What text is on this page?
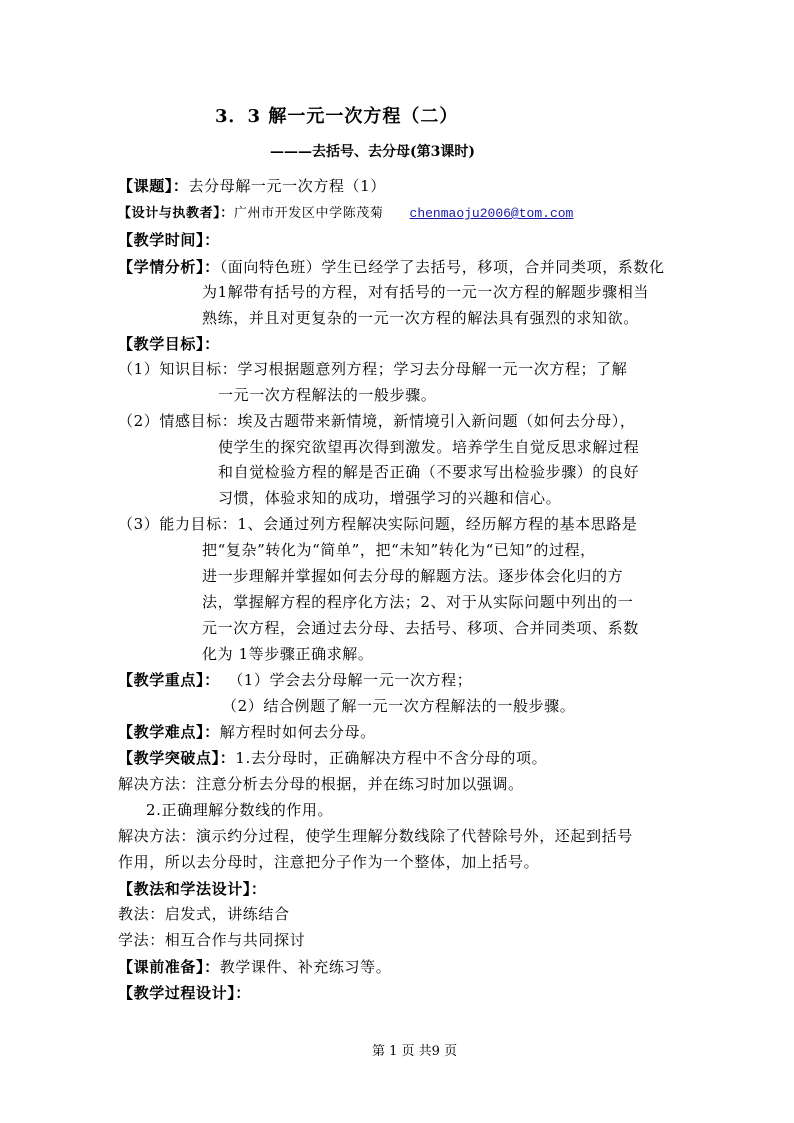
3．3 解一元一次方程（二）
———去括号、去分母(第3课时)
【课题】：去分母解一元一次方程（1）
【设计与执教者】：广州市开发区中学陈茂菊 chenmaoju2006@tom.com
【教学时间】：
【学情分析】：（面向特色班）学生已经学了去括号，移项，合并同类项，系数化
为1解带有括号的方程，对有括号的一元一次方程的解题步骤相当
熟练，并且对更复杂的一元一次方程的解法具有强烈的求知欲。
【教学目标】：
（1）知识目标：学习根据题意列方程；学习去分母解一元一次方程；了解
一元一次方程解法的一般步骤。
（2）情感目标：埃及古题带来新情境，新情境引入新问题（如何去分母），
使学生的探究欲望再次得到激发。培养学生自觉反思求解过程
和自觉检验方程的解是否正确（不要求写出检验步骤）的良好
习惯，体验求知的成功，增强学习的兴趣和信心。
（3）能力目标：1、会通过列方程解决实际问题，经历解方程的基本思路是
把“复杂”转化为“简单”，把“未知”转化为“已知”的过程，
进一步理解并掌握如何去分母的解题方法。逐步体会化归的方
法，掌握解方程的程序化方法；2、对于从实际问题中列出的一
元一次方程，会通过去分母、去括号、移项、合并同类项、系数
化为 1等步骤正确求解。
【教学重点】： （1）学会去分母解一元一次方程；
（2）结合例题了解一元一次方程解法的一般步骤。
【教学难点】：解方程时如何去分母。
【教学突破点】：1.去分母时，正确解决方程中不含分母的项。
解决方法：注意分析去分母的根据，并在练习时加以强调。
2.正确理解分数线的作用。
解决方法：演示约分过程，使学生理解分数线除了代替除号外，还起到括号
作用，所以去分母时，注意把分子作为一个整体，加上括号。
【教法和学法设计】：
教法：启发式，讲练结合
学法：相互合作与共同探讨
【课前准备】：教学课件、补充练习等。
【教学过程设计】：
第 1 页 共9 页
